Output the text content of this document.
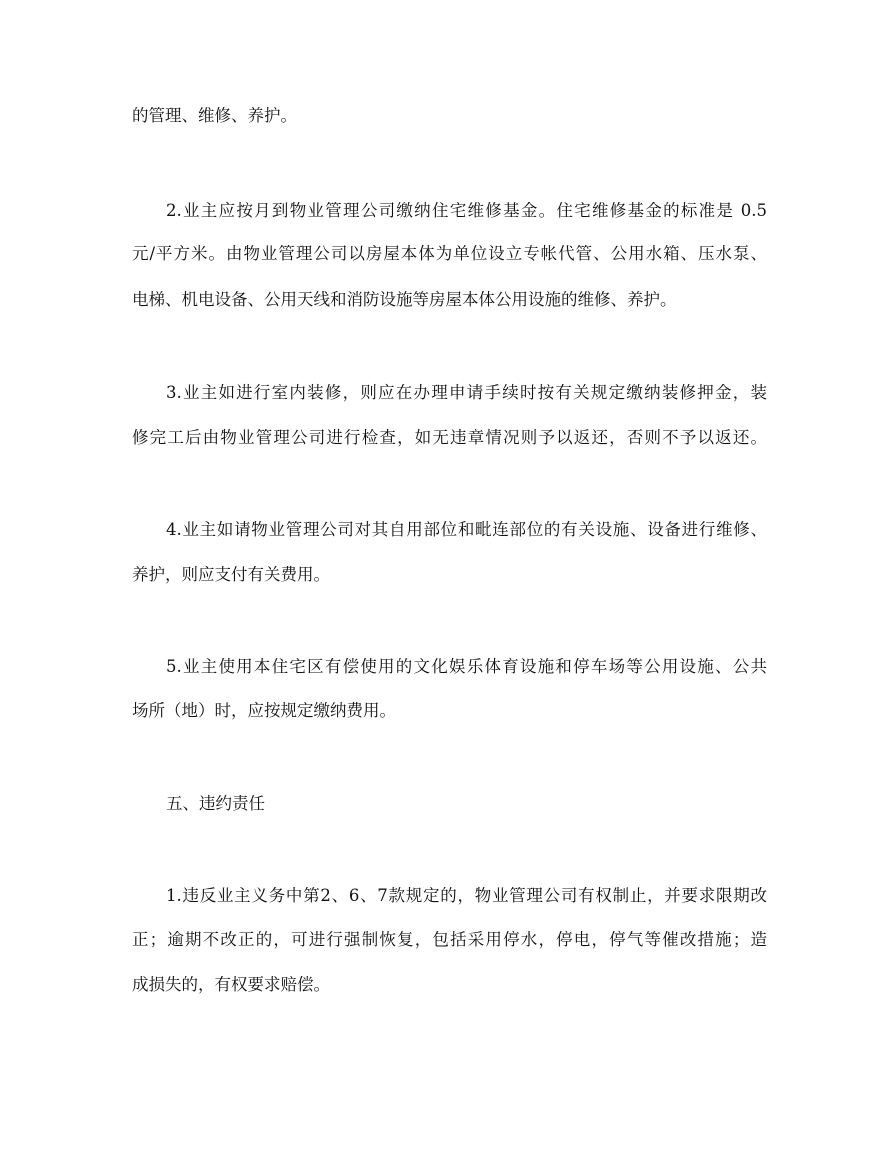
的管理、维修、养护。

2.业主应按月到物业管理公司缴纳住宅维修基金。住宅维修基金的标准是 0.5

元/平方米。由物业管理公司以房屋本体为单位设立专帐代管、公用水箱、压水泵、

电梯、机电设备、公用天线和消防设施等房屋本体公用设施的维修、养护。

3.业主如进行室内装修，则应在办理申请手续时按有关规定缴纳装修押金，装

修完工后由物业管理公司进行检查，如无违章情况则予以返还，否则不予以返还。

4.业主如请物业管理公司对其自用部位和毗连部位的有关设施、设备进行维修、

养护，则应支付有关费用。

5.业主使用本住宅区有偿使用的文化娱乐体育设施和停车场等公用设施、公共

场所（地）时，应按规定缴纳费用。

五、违约责任

1.违反业主义务中第2、6、7款规定的，物业管理公司有权制止，并要求限期改

正；逾期不改正的，可进行强制恢复，包括采用停水，停电，停气等催改措施；造

成损失的，有权要求赔偿。
